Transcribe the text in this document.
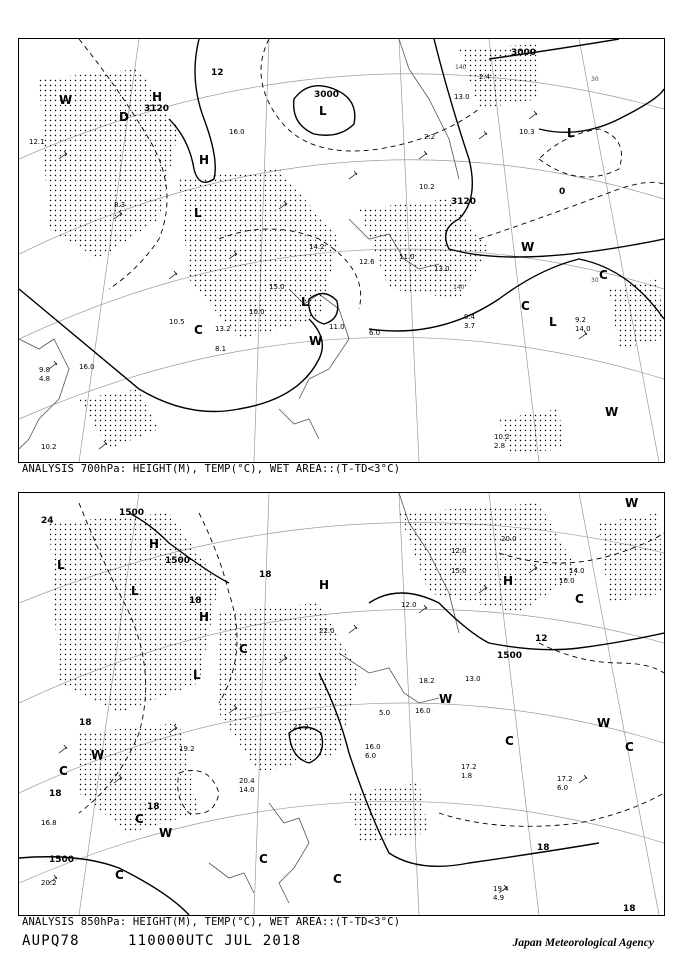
3000
3120
3000
3120
12
0
H
L
L
L
L
H
L
C
W
C
W
C
W
D
W
12.1
10.3
13.0
14.2
2.4
16.0
10.2
9.2
10.2
12.6
2.2
11.0
9.4
10.5
13.2
15.0
8.3
10.0
11.0
13.0
16.0
14.0
2.8
3.7
6.0
8.1
9.8
4.8
10.2
140
140
30
30
ANALYSIS 700hPa: HEIGHT(M), TEMP(°C), WET AREA::(T-TD<3°C)
1500
1500
1500
1500
24
18
18
12
18
18
18
18
18
H
H
L
L
L
H
H
C
C
C
W
W
C
C
W
C
W
C
C
C
W
17.2
17.2
19.4
16.0
20.4
12.0
15.0
12.0
20.0
16.0
14.0
22.0
1.8
6.0
4.9
6.0
14.0
5.0
10.0
13.0
20.2
16.8
19.2
21.2
18.2
ANALYSIS 850hPa: HEIGHT(M), TEMP(°C), WET AREA::(T-TD<3°C)
AUPQ78	110000UTC JUL 2018	Japan Meteorological Agency
